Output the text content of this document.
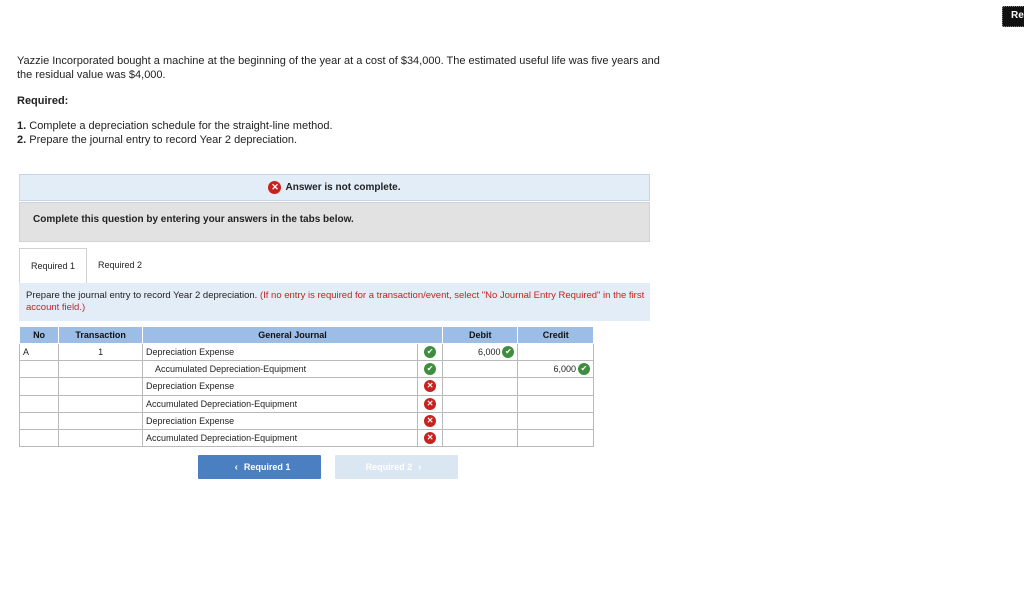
Re
Yazzie Incorporated bought a machine at the beginning of the year at a cost of $34,000. The estimated useful life was five years and
the residual value was $4,000.
Required:
1. Complete a depreciation schedule for the straight-line method.
2. Prepare the journal entry to record Year 2 depreciation.
✕ Answer is not complete.
Complete this question by entering your answers in the tabs below.
Required 1	Required 2
Prepare the journal entry to record Year 2 depreciation. (If no entry is required for a transaction/event, select "No Journal Entry Required" in the first account field.)
No	Transaction	General Journal		Debit	Credit
A	1	Depreciation Expense	✔	6,000 ✔	
		Accumulated Depreciation-Equipment	✔		6,000 ✔
		Depreciation Expense	✕		
		Accumulated Depreciation-Equipment	✕		
		Depreciation Expense	✕		
		Accumulated Depreciation-Equipment	✕		
‹ Required 1	Required 2 ›
